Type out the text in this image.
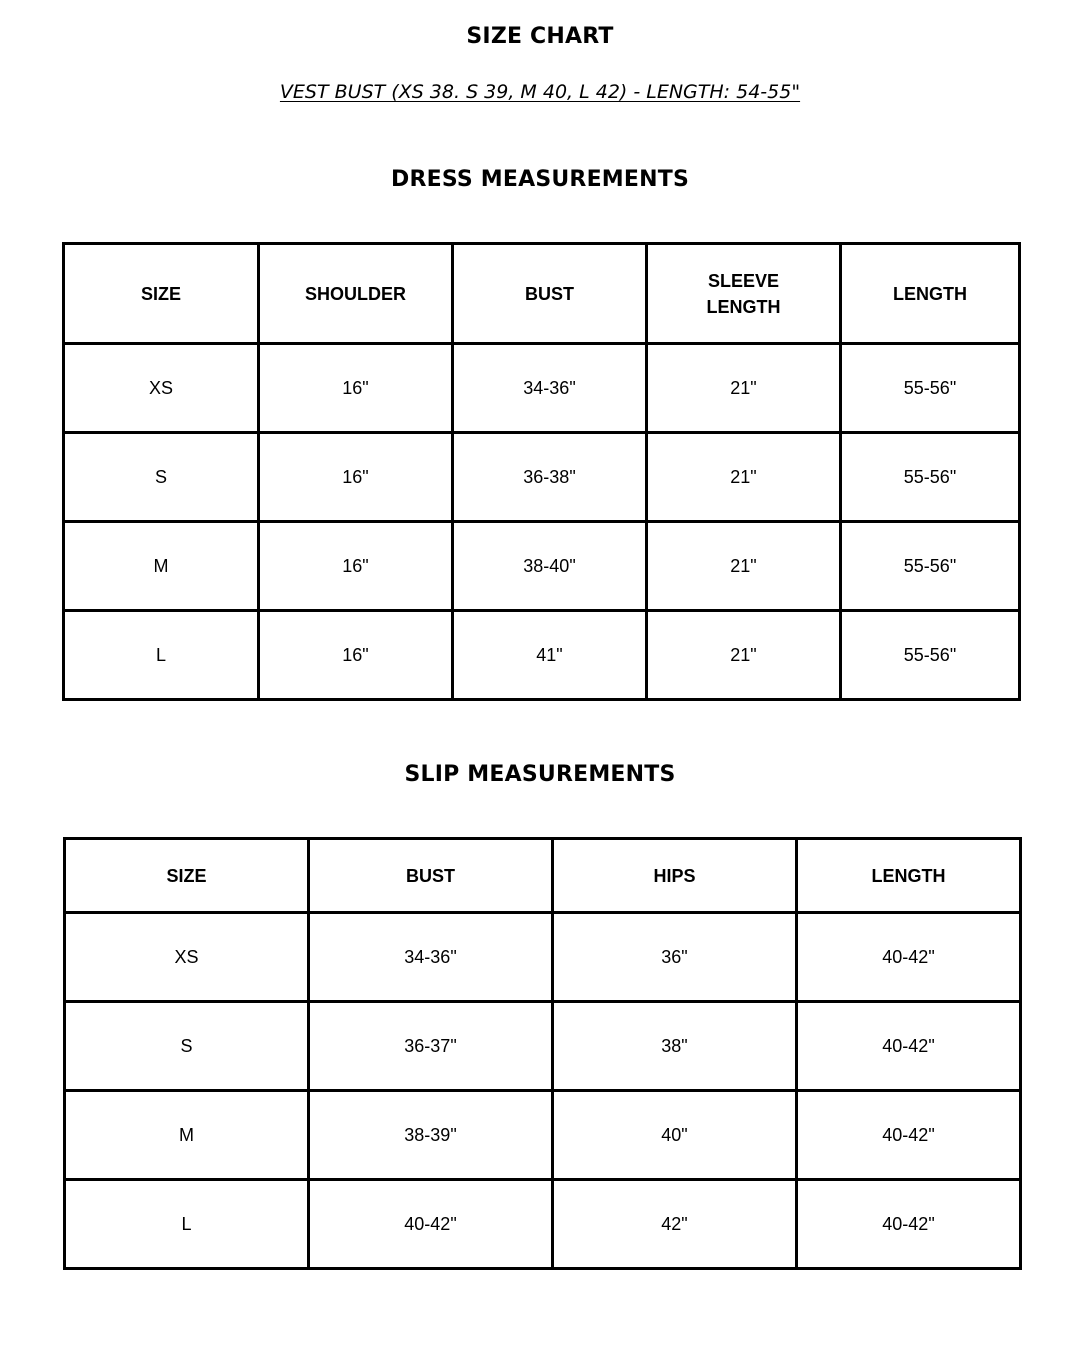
SIZE CHART

VEST BUST (XS 38. S 39, M 40, L 42) - LENGTH: 54-55"

DRESS MEASUREMENTS
SIZE	SHOULDER	BUST	SLEEVE LENGTH	LENGTH
XS	16"	34-36"	21"	55-56"
S	16"	36-38"	21"	55-56"
M	16"	38-40"	21"	55-56"
L	16"	41"	21"	55-56"
SLIP MEASUREMENTS
SIZE	BUST	HIPS	LENGTH
XS	34-36"	36"	40-42"
S	36-37"	38"	40-42"
M	38-39"	40"	40-42"
L	40-42"	42"	40-42"
